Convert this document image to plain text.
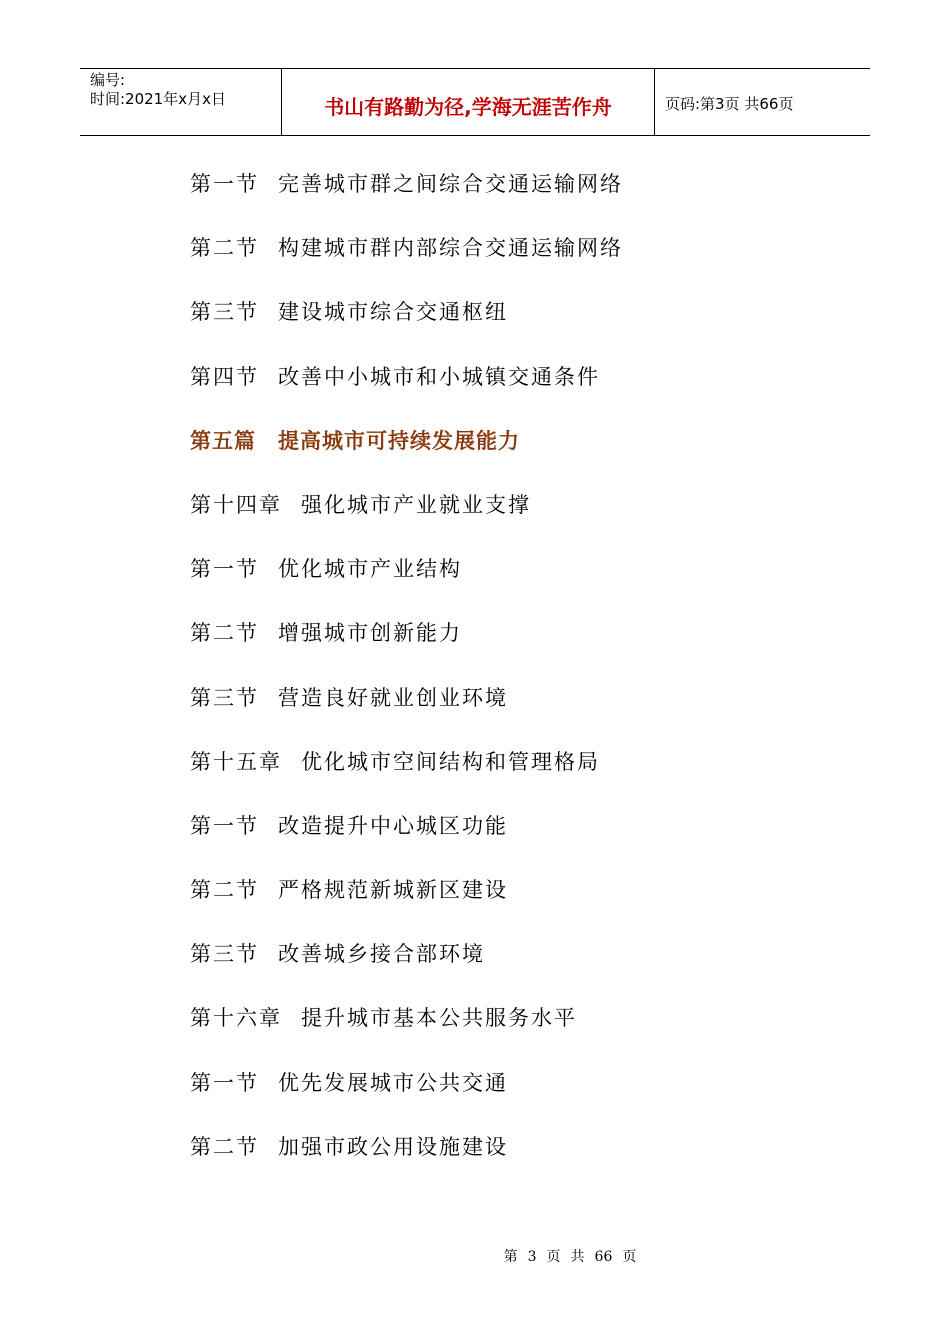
编号:
时间:2021年x月x日	书山有路勤为径,学海无涯苦作舟	页码:第3页 共66页
第一节 完善城市群之间综合交通运输网络
第二节 构建城市群内部综合交通运输网络
第三节 建设城市综合交通枢纽
第四节 改善中小城市和小城镇交通条件
第五篇 提高城市可持续发展能力
第十四章 强化城市产业就业支撑
第一节 优化城市产业结构
第二节 增强城市创新能力
第三节 营造良好就业创业环境
第十五章 优化城市空间结构和管理格局
第一节 改造提升中心城区功能
第二节 严格规范新城新区建设
第三节 改善城乡接合部环境
第十六章 提升城市基本公共服务水平
第一节 优先发展城市公共交通
第二节 加强市政公用设施建设
第 3 页 共 66 页
